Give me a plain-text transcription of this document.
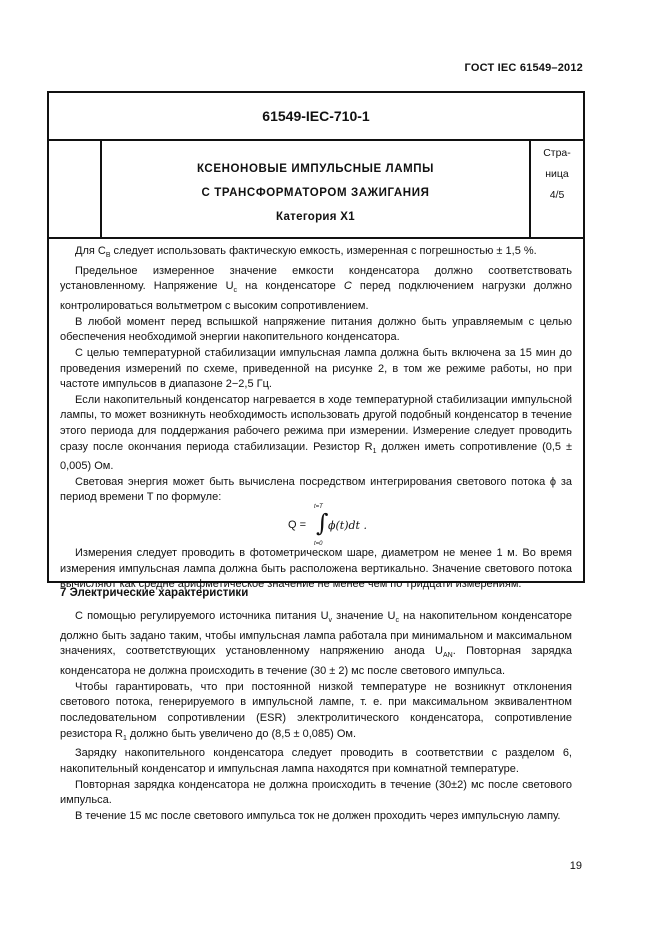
ГОСТ IEC 61549–2012
61549-IEC-710-1
КСЕНОНОВЫЕ ИМПУЛЬСНЫЕ ЛАМПЫ
С ТРАНСФОРМАТОРОМ ЗАЖИГАНИЯ
Категория X1
Стра-
ница
4/5

Для $C_B$ следует использовать фактическую емкость, измеренная с погрешностью ± 1,5 %.

Предельное измеренное значение емкости конденсатора должно соответствовать установленному. Напряжение $U_c$ на конденсаторе C перед подключением нагрузки должно контролироваться вольтметром с высоким сопротивлением.

В любой момент перед вспышкой напряжение питания должно быть управляемым с целью обеспечения необходимой энергии накопительного конденсатора.

С целью температурной стабилизации импульсная лампа должна быть включена за 15 мин до проведения измерений по схеме, приведенной на рисунке 2, в том же режиме работы, но при частоте импульсов в диапазоне 2−2,5 Гц.

Если накопительный конденсатор нагревается в ходе температурной стабилизации импульсной лампы, то может возникнуть необходимость использовать другой подобный конденсатор в течение этого периода для поддержания рабочего режима при измерении. Измерение следует проводить сразу после окончания периода стабилизации. Резистор $R_1$ должен иметь сопротивление (0,5 ± 0,005) Ом.

Световая энергия может быть вычислена посредством интегрирования светового потока ϕ за период времени T по формуле:

Q =
t=T
∫
t=0
ϕ(t)dt .

Измерения следует проводить в фотометрическом шаре, диаметром не менее 1 м. Во время измерения импульсная лампа должна быть расположена вертикально. Значение светового потока вычисляют как средне арифметическое значение не менее чем по тридцати измерениям.

7 Электрические характеристики

С помощью регулируемого источника питания $U_v$ значение $U_c$ на накопительном конденсаторе должно быть задано таким, чтобы импульсная лампа работала при минимальном и максимальном значениях, соответствующих установленному напряжению анода $U_{AN}$. Повторная зарядка конденсатора не должна происходить в течение (30 ± 2) мс после светового импульса.

Чтобы гарантировать, что при постоянной низкой температуре не возникнут отклонения светового потока, генерируемого в импульсной лампе, т. е. при максимальном эквивалентном последовательном сопротивлении (ESR) электролитического конденсатора, сопротивление резистора $R_1$ должно быть увеличено до (8,5 ± 0,085) Ом.

Зарядку накопительного конденсатора следует проводить в соответствии с разделом 6, накопительный конденсатор и импульсная лампа находятся при комнатной температуре.

Повторная зарядка конденсатора не должна происходить в течение (30±2) мс после светового импульса.

В течение 15 мс после светового импульса ток не должен проходить через импульсную лампу.

19
